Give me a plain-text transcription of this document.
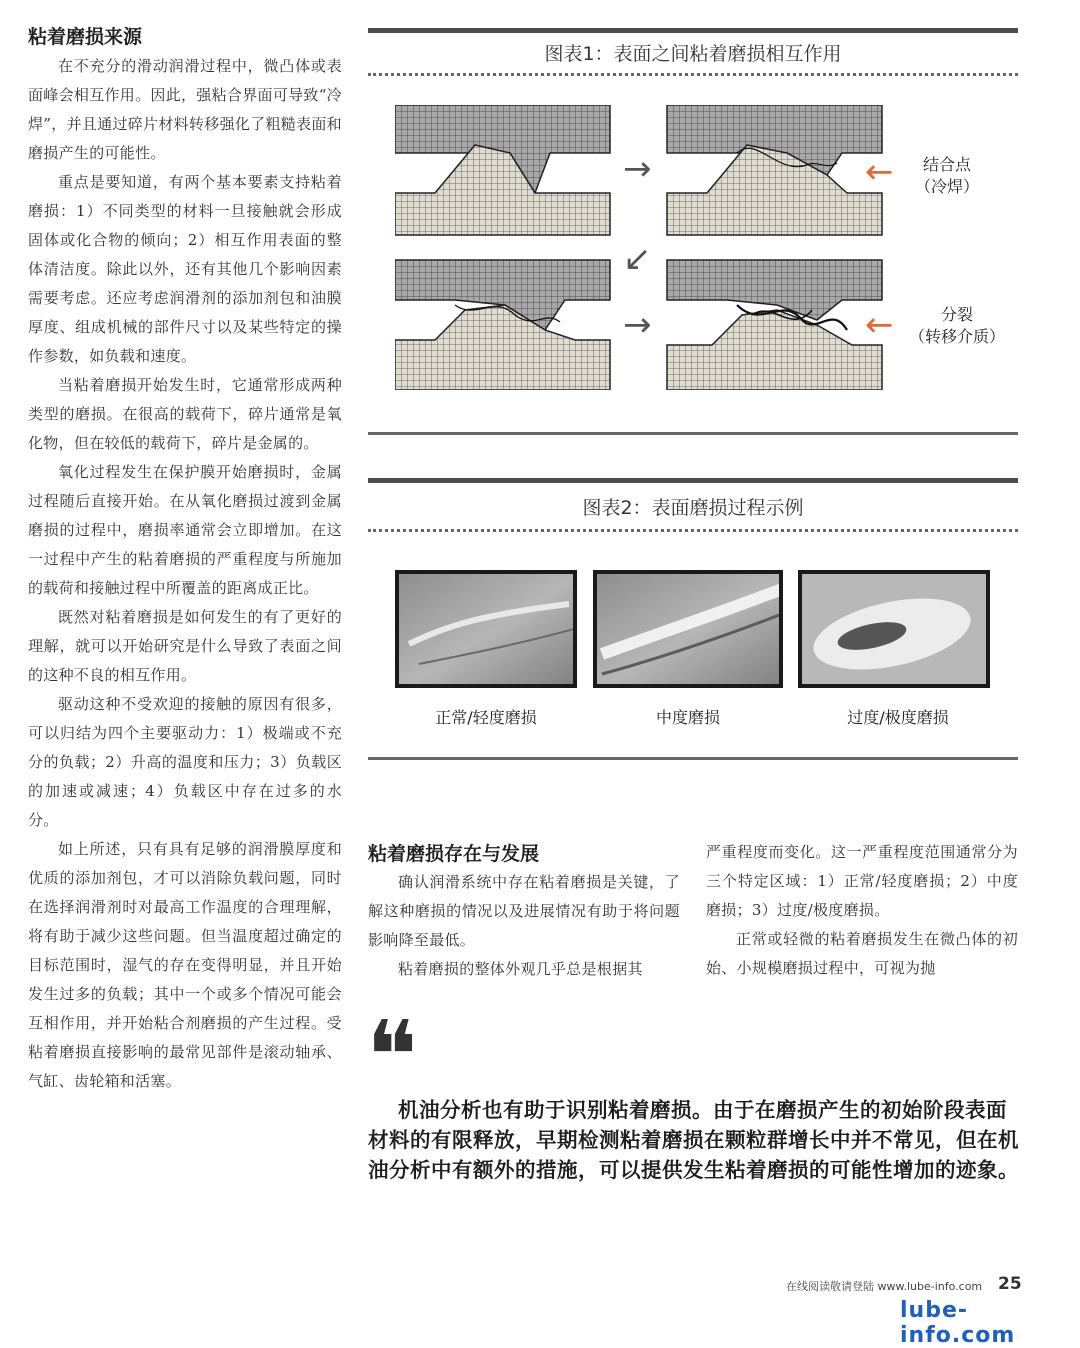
粘着磨损来源

在不充分的滑动润滑过程中，微凸体或表面峰会相互作用。因此，强粘合界面可导致“冷焊”，并且通过碎片材料转移强化了粗糙表面和磨损产生的可能性。

重点是要知道，有两个基本要素支持粘着磨损：1）不同类型的材料一旦接触就会形成固体或化合物的倾向；2）相互作用表面的整体清洁度。除此以外，还有其他几个影响因素需要考虑。还应考虑润滑剂的添加剂包和油膜厚度、组成机械的部件尺寸以及某些特定的操作参数，如负载和速度。

当粘着磨损开始发生时，它通常形成两种类型的磨损。在很高的载荷下，碎片通常是氧化物，但在较低的载荷下，碎片是金属的。

氧化过程发生在保护膜开始磨损时，金属过程随后直接开始。在从氧化磨损过渡到金属磨损的过程中，磨损率通常会立即增加。在这一过程中产生的粘着磨损的严重程度与所施加的载荷和接触过程中所覆盖的距离成正比。

既然对粘着磨损是如何发生的有了更好的理解，就可以开始研究是什么导致了表面之间的这种不良的相互作用。

驱动这种不受欢迎的接触的原因有很多，可以归结为四个主要驱动力：1）极端或不充分的负载；2）升高的温度和压力；3）负载区的加速或减速；4）负载区中存在过多的水分。

如上所述，只有具有足够的润滑膜厚度和优质的添加剂包，才可以消除负载问题，同时在选择润滑剂时对最高工作温度的合理理解，将有助于减少这些问题。但当温度超过确定的目标范围时，湿气的存在变得明显，并且开始发生过多的负载；其中一个或多个情况可能会互相作用，并开始粘合剂磨损的产生过程。受粘着磨损直接影响的最常见部件是滚动轴承、气缸、齿轮箱和活塞。

图表1：表面之间粘着磨损相互作用
→
↙
→
←
←
结合点
（冷焊）
分裂
（转移介质）
图表2：表面磨损过程示例
正常/轻度磨损	中度磨损	过度/极度磨损
粘着磨损存在与发展

确认润滑系统中存在粘着磨损是关键，了解这种磨损的情况以及进展情况有助于将问题影响降至最低。

粘着磨损的整体外观几乎总是根据其

严重程度而变化。这一严重程度范围通常分为三个特定区域：1）正常/轻度磨损；2）中度磨损；3）过度/极度磨损。

正常或轻微的粘着磨损发生在微凸体的初始、小规模磨损过程中，可视为抛

❝
机油分析也有助于识别粘着磨损。由于在磨损产生的初始阶段表面材料的有限释放，早期检测粘着磨损在颗粒群增长中并不常见，但在机油分析中有额外的措施，可以提供发生粘着磨损的可能性增加的迹象。
在线阅读敬请登陆 www.lube-info.com 25
lube-info.com
